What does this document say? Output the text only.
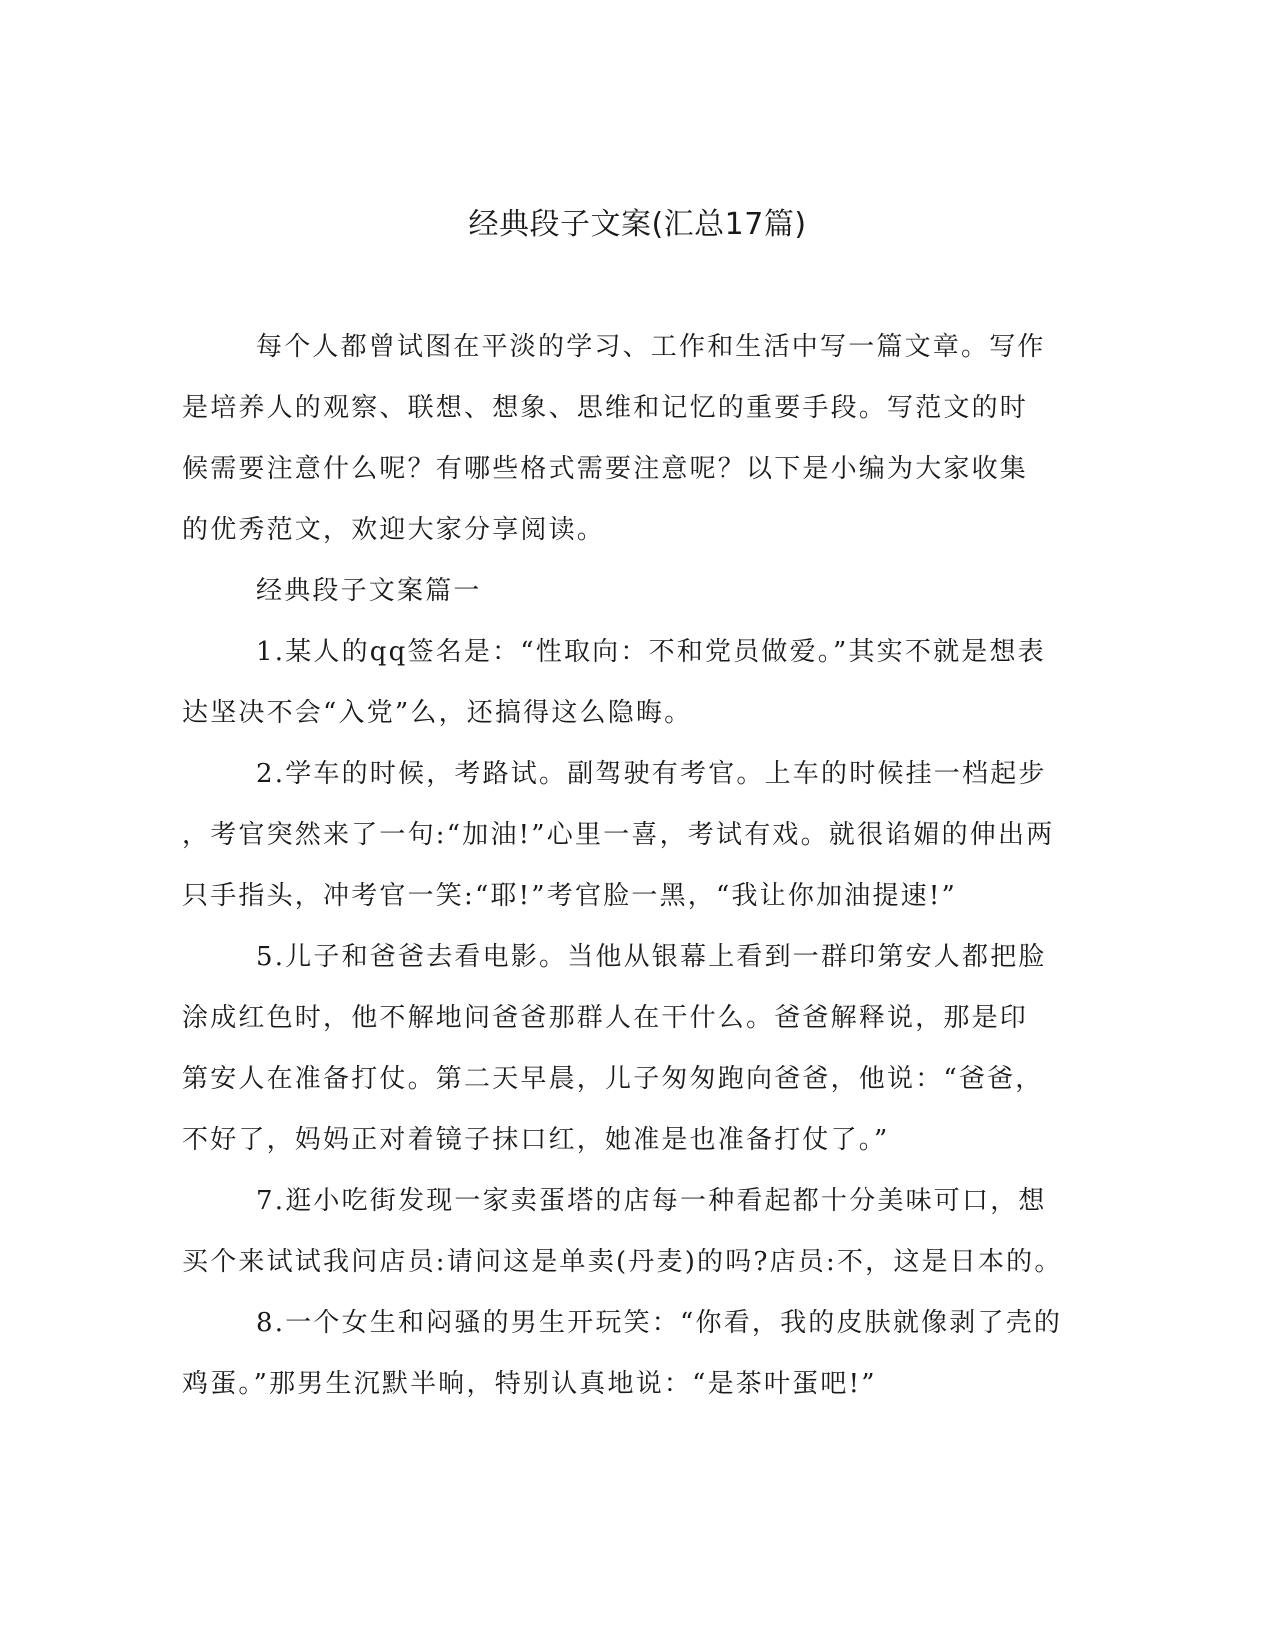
经典段子文案(汇总17篇)

每个人都曾试图在平淡的学习、工作和生活中写一篇文章。写作
是培养人的观察、联想、想象、思维和记忆的重要手段。写范文的时
候需要注意什么呢？有哪些格式需要注意呢？以下是小编为大家收集
的优秀范文，欢迎大家分享阅读。

经典段子文案篇一

1.某人的qq签名是：“性取向：不和党员做爱。”其实不就是想表
达坚决不会“入党”么，还搞得这么隐晦。

2.学车的时候，考路试。副驾驶有考官。上车的时候挂一档起步
，考官突然来了一句:“加油!”心里一喜，考试有戏。就很谄媚的伸出两
只手指头，冲考官一笑:“耶!”考官脸一黑，“我让你加油提速!”

5.儿子和爸爸去看电影。当他从银幕上看到一群印第安人都把脸
涂成红色时，他不解地问爸爸那群人在干什么。爸爸解释说，那是印
第安人在准备打仗。第二天早晨，儿子匆匆跑向爸爸，他说：“爸爸，
不好了，妈妈正对着镜子抹口红，她准是也准备打仗了。”

7.逛小吃街发现一家卖蛋塔的店每一种看起都十分美味可口，想
买个来试试我问店员:请问这是单卖(丹麦)的吗?店员:不，这是日本的。

8.一个女生和闷骚的男生开玩笑：“你看，我的皮肤就像剥了壳的
鸡蛋。”那男生沉默半晌，特别认真地说：“是茶叶蛋吧!”
